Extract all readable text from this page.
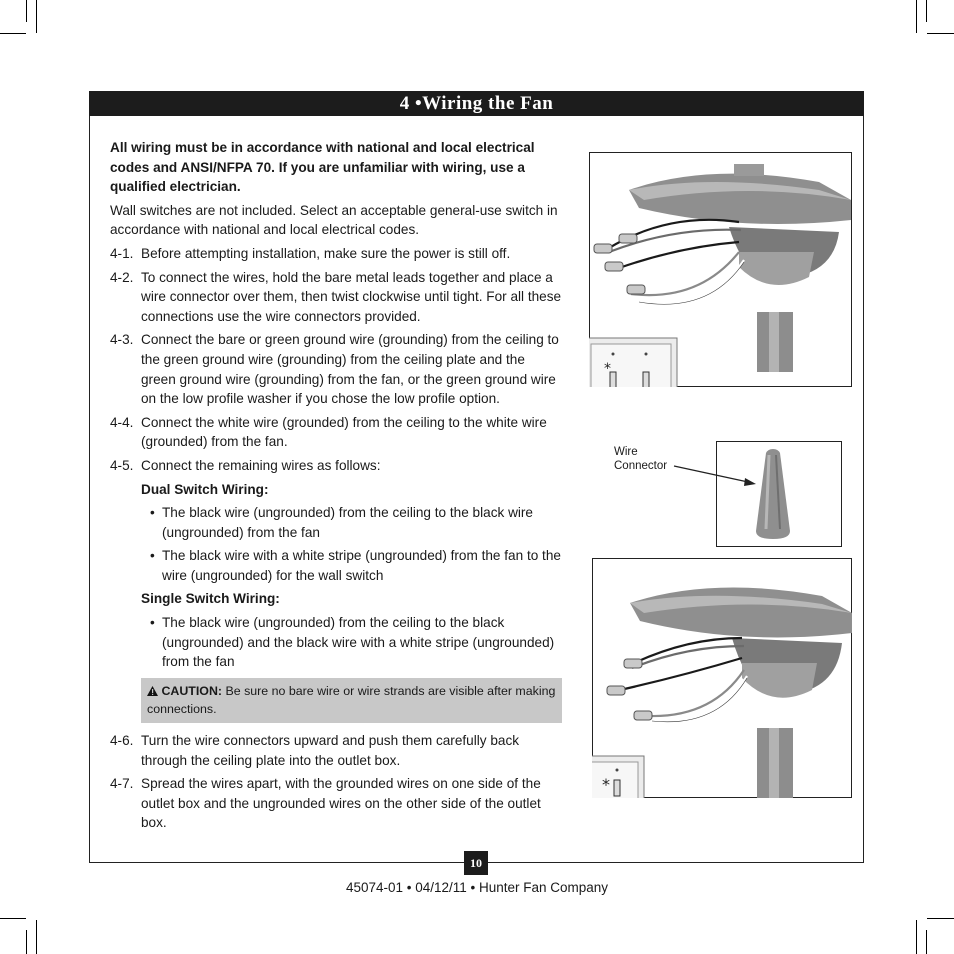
4 •Wiring the Fan

All wiring must be in accordance with national and local electrical codes and ANSI/NFPA 70. If you are unfamiliar with wiring, use a qualified electrician.

Wall switches are not included. Select an acceptable general-use switch in accordance with national and local electrical codes.

4-1. Before attempting installation, make sure the power is still off.
4-2. To connect the wires, hold the bare metal leads together and place a wire connector over them, then twist clockwise until tight. For all these connections use the wire connectors provided.
4-3. Connect the bare or green ground wire (grounding) from the ceiling to the green ground wire (grounding) from the ceiling plate and the green ground wire (grounding) from the fan, or the green ground wire on the low profile washer if you chose the low profile option.
4-4. Connect the white wire (grounded) from the ceiling to the white wire (grounded) from the fan.
4-5. Connect the remaining wires as follows:
Dual Switch Wiring:
• The black wire (ungrounded) from the ceiling to the black wire (ungrounded) from the fan
• The black wire with a white stripe (ungrounded) from the fan to the wire (ungrounded) for the wall switch
Single Switch Wiring:
• The black wire (ungrounded) from the ceiling to the black (ungrounded) and the black wire with a white stripe (ungrounded) from the fan
CAUTION: Be sure no bare wire or wire strands are visible after making connections.
4-6. Turn the wire connectors upward and push them carefully back through the ceiling plate into the outlet box.
4-7. Spread the wires apart, with the grounded wires on one side of the outlet box and the ungrounded wires on the other side of the outlet box.
*
Wire
Connector
*
10
45074-01 • 04/12/11 • Hunter Fan Company
